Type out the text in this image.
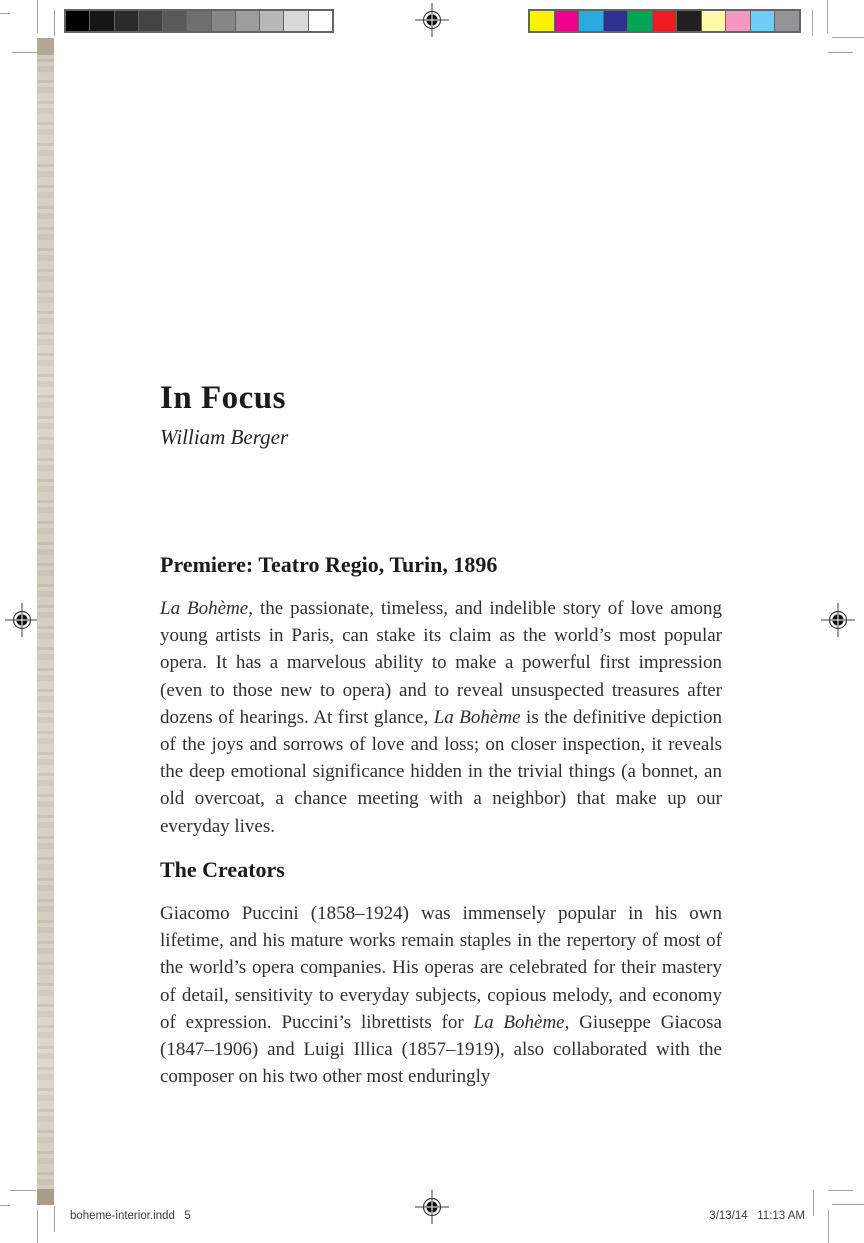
In Focus
William Berger
Premiere: Teatro Regio, Turin, 1896

La Bohème, the passionate, timeless, and indelible story of love among young artists in Paris, can stake its claim as the world’s most popular opera. It has a marvelous ability to make a powerful first impression (even to those new to opera) and to reveal unsuspected treasures after dozens of hearings. At first glance, La Bohème is the definitive depiction of the joys and sorrows of love and loss; on closer inspection, it reveals the deep emotional significance hidden in the trivial things (a bonnet, an old overcoat, a chance meeting with a neighbor) that make up our everyday lives.

The Creators

Giacomo Puccini (1858–1924) was immensely popular in his own lifetime, and his mature works remain staples in the repertory of most of the world’s opera companies. His operas are celebrated for their mastery of detail, sensitivity to everyday subjects, copious melody, and economy of expression. Puccini’s librettists for La Bohème, Giuseppe Giacosa (1847–1906) and Luigi Illica (1857–1919), also collaborated with the composer on his two other most enduringly

boheme-interior.indd   5	3/13/14   11:13 AM
